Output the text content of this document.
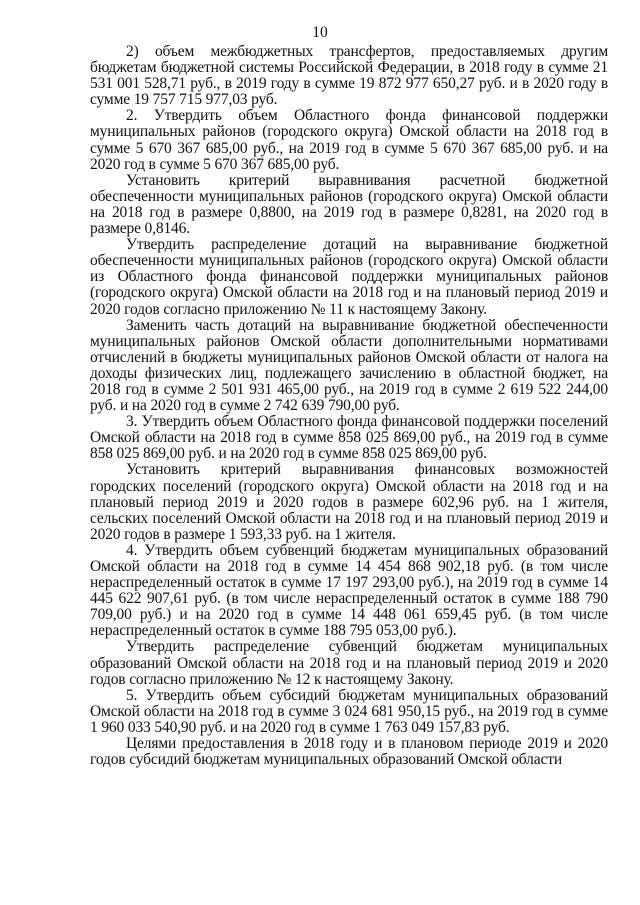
10

2) объем межбюджетных трансфертов, предоставляемых другим бюджетам бюджетной системы Российской Федерации, в 2018 году в сумме 21 531 001 528,71 руб., в 2019 году в сумме 19 872 977 650,27 руб. и в 2020 году в сумме 19 757 715 977,03 руб.

2. Утвердить объем Областного фонда финансовой поддержки муниципальных районов (городского округа) Омской области на 2018 год в сумме 5 670 367 685,00 руб., на 2019 год в сумме 5 670 367 685,00 руб. и на 2020 год в сумме 5 670 367 685,00 руб.

Установить критерий выравнивания расчетной бюджетной обеспеченности муниципальных районов (городского округа) Омской области на 2018 год в размере 0,8800, на 2019 год в размере 0,8281, на 2020 год в размере 0,8146.

Утвердить распределение дотаций на выравнивание бюджетной обеспеченности муниципальных районов (городского округа) Омской области из Областного фонда финансовой поддержки муниципальных районов (городского округа) Омской области на 2018 год и на плановый период 2019 и 2020 годов согласно приложению № 11 к настоящему Закону.

Заменить часть дотаций на выравнивание бюджетной обеспеченности муниципальных районов Омской области дополнительными нормативами отчислений в бюджеты муниципальных районов Омской области от налога на доходы физических лиц, подлежащего зачислению в областной бюджет, на 2018 год в сумме 2 501 931 465,00 руб., на 2019 год в сумме 2 619 522 244,00 руб. и на 2020 год в сумме 2 742 639 790,00 руб.

3. Утвердить объем Областного фонда финансовой поддержки поселений Омской области на 2018 год в сумме 858 025 869,00 руб., на 2019 год в сумме 858 025 869,00 руб. и на 2020 год в сумме 858 025 869,00 руб.

Установить критерий выравнивания финансовых возможностей городских поселений (городского округа) Омской области на 2018 год и на плановый период 2019 и 2020 годов в размере 602,96 руб. на 1 жителя, сельских поселений Омской области на 2018 год и на плановый период 2019 и 2020 годов в размере 1 593,33 руб. на 1 жителя.

4. Утвердить объем субвенций бюджетам муниципальных образований Омской области на 2018 год в сумме 14 454 868 902,18 руб. (в том числе нераспределенный остаток в сумме 17 197 293,00 руб.), на 2019 год в сумме 14 445 622 907,61 руб. (в том числе нераспределенный остаток в сумме 188 790 709,00 руб.) и на 2020 год в сумме 14 448 061 659,45 руб. (в том числе нераспределенный остаток в сумме 188 795 053,00 руб.).

Утвердить распределение субвенций бюджетам муниципальных образований Омской области на 2018 год и на плановый период 2019 и 2020 годов согласно приложению № 12 к настоящему Закону.

5. Утвердить объем субсидий бюджетам муниципальных образований Омской области на 2018 год в сумме 3 024 681 950,15 руб., на 2019 год в сумме 1 960 033 540,90 руб. и на 2020 год в сумме 1 763 049 157,83 руб.

Целями предоставления в 2018 году и в плановом периоде 2019 и 2020 годов субсидий бюджетам муниципальных образований Омской области
